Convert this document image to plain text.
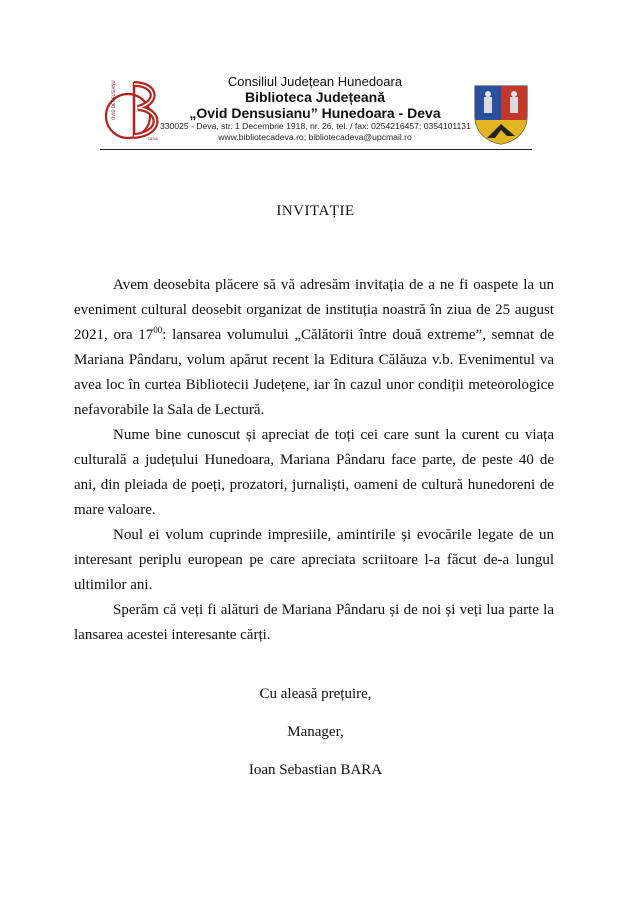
OVID DENSUSIANU
DEVA
Consiliul Județean Hunedoara
Biblioteca Județeană
„Ovid Densusianu” Hunedoara - Deva
330025 - Deva, str. 1 Decembrie 1918, nr. 26, tel. / fax: 0254216457; 0354101131
www.bibliotecadeva.ro; bibliotecadeva@upcmail.ro
INVITAȚIE

Avem deosebita plăcere să vă adresăm invitația de a ne fi oaspete la un eveniment cultural deosebit organizat de instituția noastră în ziua de 25 august 2021, ora $17^{00}$: lansarea volumului „Călătorii între două extreme”, semnat de Mariana Pândaru, volum apărut recent la Editura Călăuza v.b. Evenimentul va avea loc în curtea Bibliotecii Județene, iar în cazul unor condiții meteorologice nefavorabile la Sala de Lectură.

Nume bine cunoscut și apreciat de toți cei care sunt la curent cu viața culturală a județului Hunedoara, Mariana Pândaru face parte, de peste 40 de ani, din pleiada de poeți, prozatori, jurnaliști, oameni de cultură hunedoreni de mare valoare.

Noul ei volum cuprinde impresiile, amintirile și evocările legate de un interesant periplu european pe care apreciata scriitoare l-a făcut de-a lungul ultimilor ani.

Sperăm că veți fi alături de Mariana Pândaru și de noi și veți lua parte la lansarea acestei interesante cărți.

Cu aleasă prețuire,
Manager,
Ioan Sebastian BARA
